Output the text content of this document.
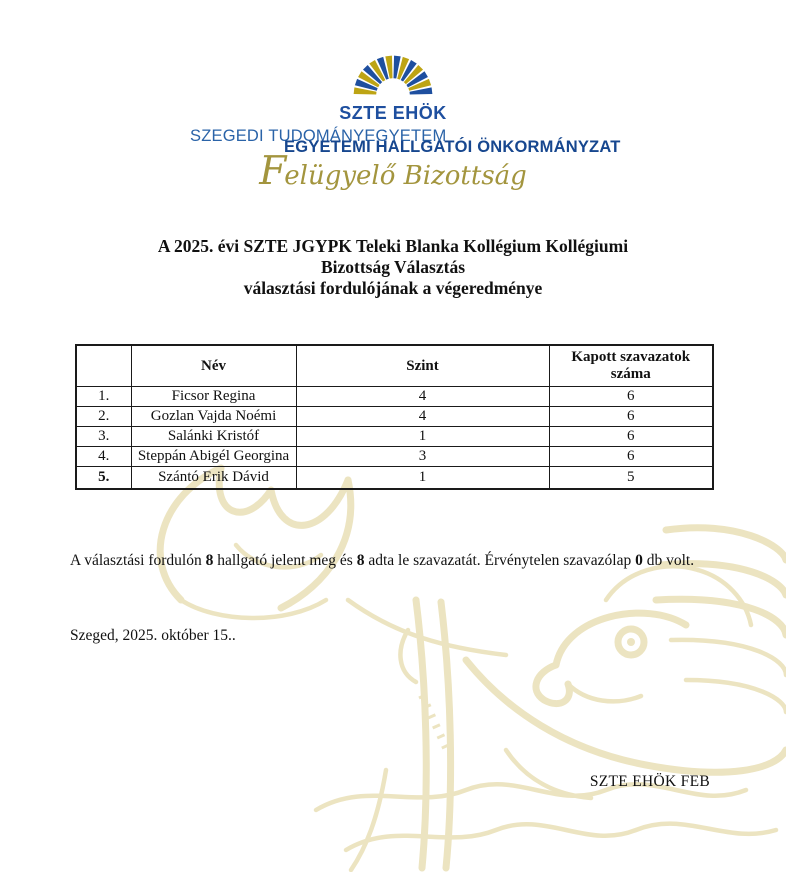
SZTE EHÖK
SZEGEDI TUDOMÁNYEGYETEM
EGYETEMI HALLGATÓI ÖNKORMÁNYZAT
Felügyelő Bizottság
A 2025. évi SZTE JGYPK Teleki Blanka Kollégium Kollégiumi
Bizottság Választás
választási fordulójának a végeredménye
	Név	Szint	Kapott szavazatok száma
1.	Ficsor Regina	4	6
2.	Gozlan Vajda Noémi	4	6
3.	Salánki Kristóf	1	6
4.	Steppán Abigél Georgina	3	6
5.	Szántó Erik Dávid	1	5

A választási fordulón 8 hallgató jelent meg és 8 adta le szavazatát. Érvénytelen szavazólap 0 db volt.

Szeged, 2025. október 15..
SZTE EHÖK FEB
